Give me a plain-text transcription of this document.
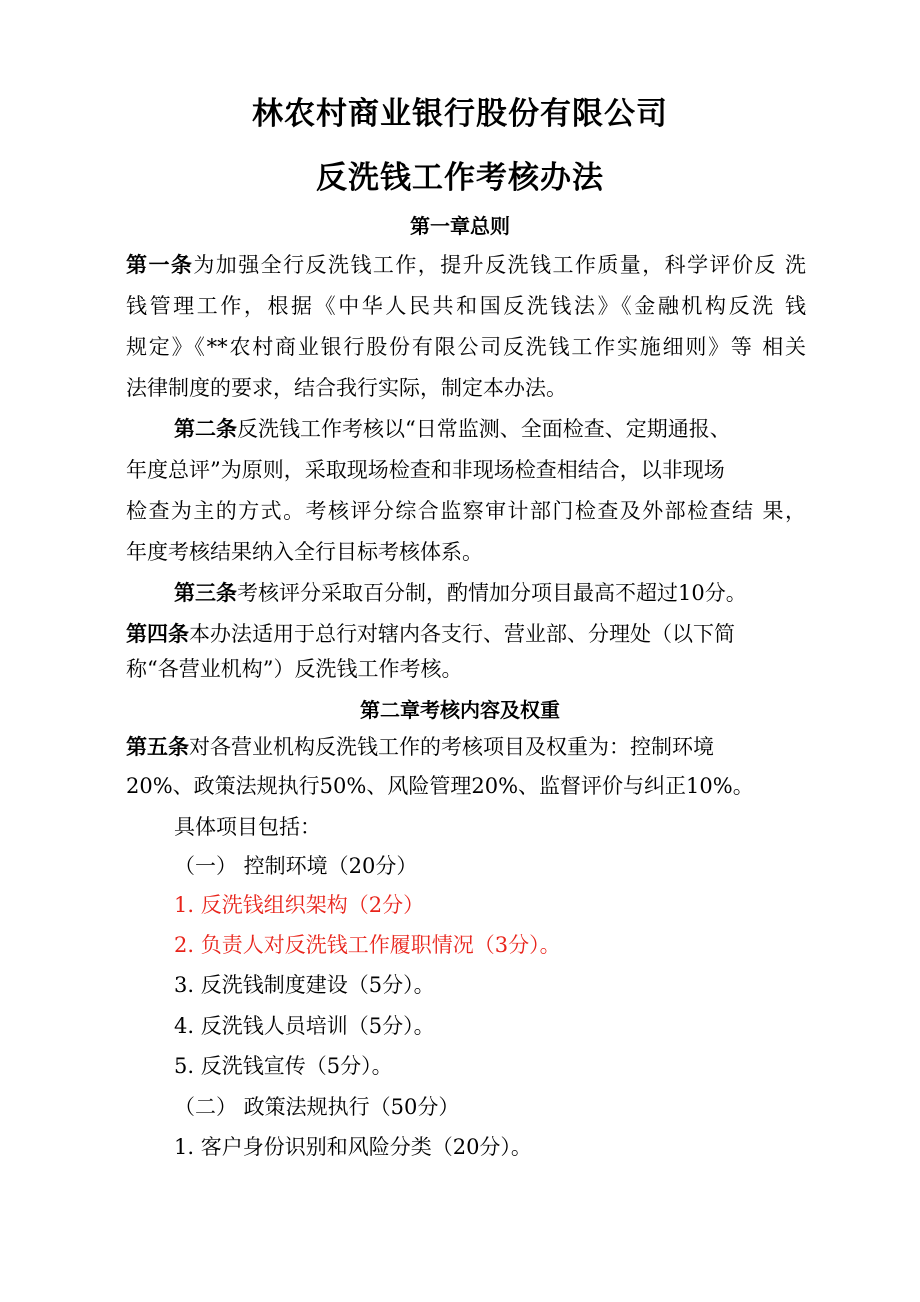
林农村商业银行股份有限公司
反洗钱工作考核办法
第一章总则
第一条为加强全行反洗钱工作，提升反洗钱工作质量，科学评价反 洗
钱管理工作，根据《中华人民共和国反洗钱法》《金融机构反洗 钱
规定》《**农村商业银行股份有限公司反洗钱工作实施细则》等 相关
法律制度的要求，结合我行实际，制定本办法。
第二条反洗钱工作考核以“日常监测、全面检查、定期通报、
年度总评”为原则，采取现场检查和非现场检查相结合，以非现场
检查为主的方式。考核评分综合监察审计部门检查及外部检查结 果，
年度考核结果纳入全行目标考核体系。
第三条考核评分采取百分制，酌情加分项目最高不超过10分。
第四条本办法适用于总行对辖内各支行、营业部、分理处（以下简
称“各营业机构”）反洗钱工作考核。
第二章考核内容及权重
第五条对各营业机构反洗钱工作的考核项目及权重为：控制环境
20%、政策法规执行50%、风险管理20%、监督评价与纠正10%。
具体项目包括：
（一） 控制环境（20分）
1. 反洗钱组织架构（2分）
2. 负责人对反洗钱工作履职情况（3分）。
3. 反洗钱制度建设（5分）。
4. 反洗钱人员培训（5分）。
5. 反洗钱宣传（5分）。
（二） 政策法规执行（50分）
1. 客户身份识别和风险分类（20分）。
